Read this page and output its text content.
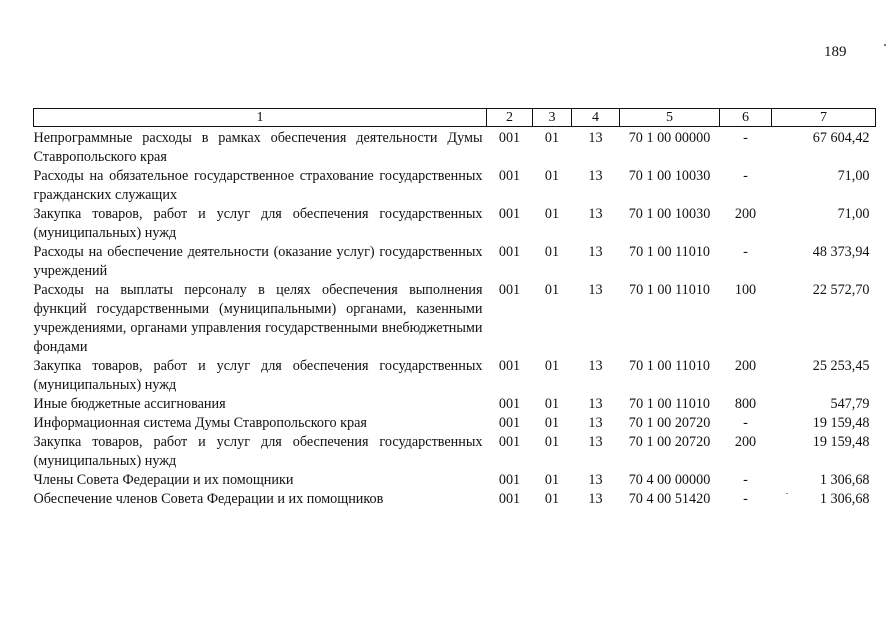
189
1	2	3	4	5	6	7
Непрограммные расходы в рамках обеспечения деятельности Думы Ставропольского края	001	01	13	70 1 00 00000	-	67 604,42
Расходы на обязательное государственное страхование государственных гражданских служащих	001	01	13	70 1 00 10030	-	71,00
Закупка товаров, работ и услуг для обеспечения государственных (муниципальных) нужд	001	01	13	70 1 00 10030	200	71,00
Расходы на обеспечение деятельности (оказание услуг) государственных учреждений	001	01	13	70 1 00 11010	-	48 373,94
Расходы на выплаты персоналу в целях обеспечения выполнения функций государственными (муниципальными) органами, казенными учреждениями, органами управления государственными внебюджетными фондами	001	01	13	70 1 00 11010	100	22 572,70
Закупка товаров, работ и услуг для обеспечения государственных (муниципальных) нужд	001	01	13	70 1 00 11010	200	25 253,45
Иные бюджетные ассигнования	001	01	13	70 1 00 11010	800	547,79
Информационная система Думы Ставропольского края	001	01	13	70 1 00 20720	-	19 159,48
Закупка товаров, работ и услуг для обеспечения государственных (муниципальных) нужд	001	01	13	70 1 00 20720	200	19 159,48
Члены Совета Федерации и их помощники	001	01	13	70 4 00 00000	-	1 306,68
Обеспечение членов Совета Федерации и их помощников	001	01	13	70 4 00 51420	-	1 306,68
